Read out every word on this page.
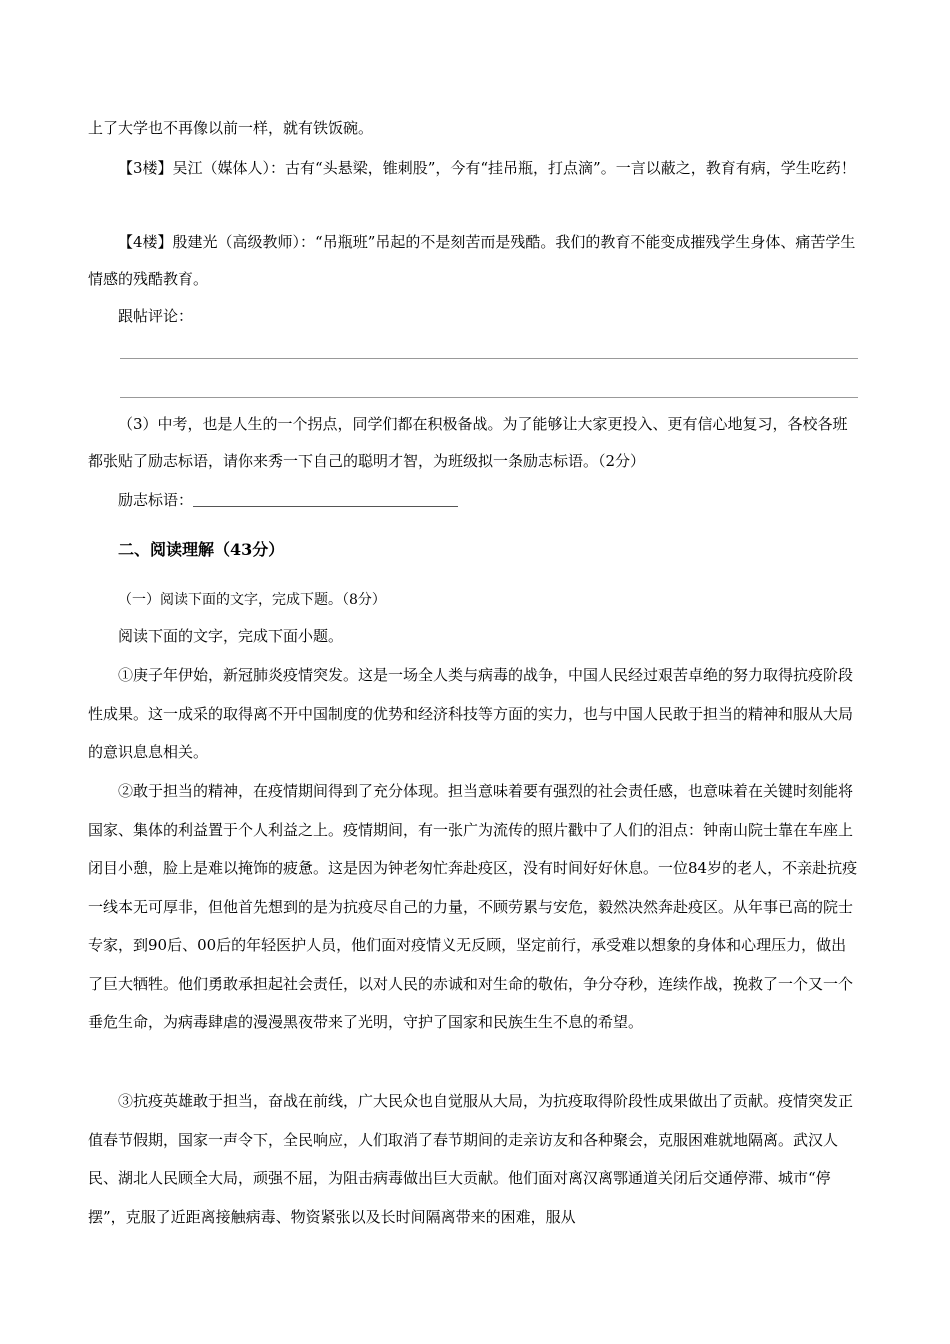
上了大学也不再像以前一样，就有铁饭碗。

【3楼】吴江（媒体人）：古有“头悬梁，锥刺股”，今有“挂吊瓶，打点滴”。一言以蔽之，教育有病，学生吃药！

【4楼】殷建光（高级教师）：“吊瓶班”吊起的不是刻苦而是残酷。我们的教育不能变成摧残学生身体、痛苦学生情感的残酷教育。

跟帖评论：

（3）中考，也是人生的一个拐点，同学们都在积极备战。为了能够让大家更投入、更有信心地复习，各校各班都张贴了励志标语，请你来秀一下自己的聪明才智，为班级拟一条励志标语。（2分）

励志标语：

二、阅读理解（43分）

（一）阅读下面的文字，完成下题。（8分）

阅读下面的文字，完成下面小题。

①庚子年伊始，新冠肺炎疫情突发。这是一场全人类与病毒的战争，中国人民经过艰苦卓绝的努力取得抗疫阶段性成果。这一成采的取得离不开中国制度的优势和经济科技等方面的实力，也与中国人民敢于担当的精神和服从大局的意识息息相关。

②敢于担当的精神，在疫情期间得到了充分体现。担当意味着要有强烈的社会责任感，也意味着在关键时刻能将国家、集体的利益置于个人利益之上。疫情期间，有一张广为流传的照片戳中了人们的泪点：钟南山院士靠在车座上闭目小憩，脸上是难以掩饰的疲惫。这是因为钟老匆忙奔赴疫区，没有时间好好休息。一位84岁的老人，不亲赴抗疫一线本无可厚非，但他首先想到的是为抗疫尽自己的力量，不顾劳累与安危，毅然决然奔赴疫区。从年事已高的院士专家，到90后、00后的年轻医护人员，他们面对疫情义无反顾，坚定前行，承受难以想象的身体和心理压力，做出了巨大牺牲。他们勇敢承担起社会责任，以对人民的赤诚和对生命的敬佑，争分夺秒，连续作战，挽救了一个又一个垂危生命，为病毒肆虐的漫漫黑夜带来了光明，守护了国家和民族生生不息的希望。

③抗疫英雄敢于担当，奋战在前线，广大民众也自觉服从大局，为抗疫取得阶段性成果做出了贡献。疫情突发正值春节假期，国家一声令下，全民响应，人们取消了春节期间的走亲访友和各种聚会，克服困难就地隔离。武汉人民、湖北人民顾全大局，顽强不屈，为阻击病毒做出巨大贡献。他们面对离汉离鄂通道关闭后交通停滞、城市“停摆”，克服了近距离接触病毒、物资紧张以及长时间隔离带来的困难，服从
